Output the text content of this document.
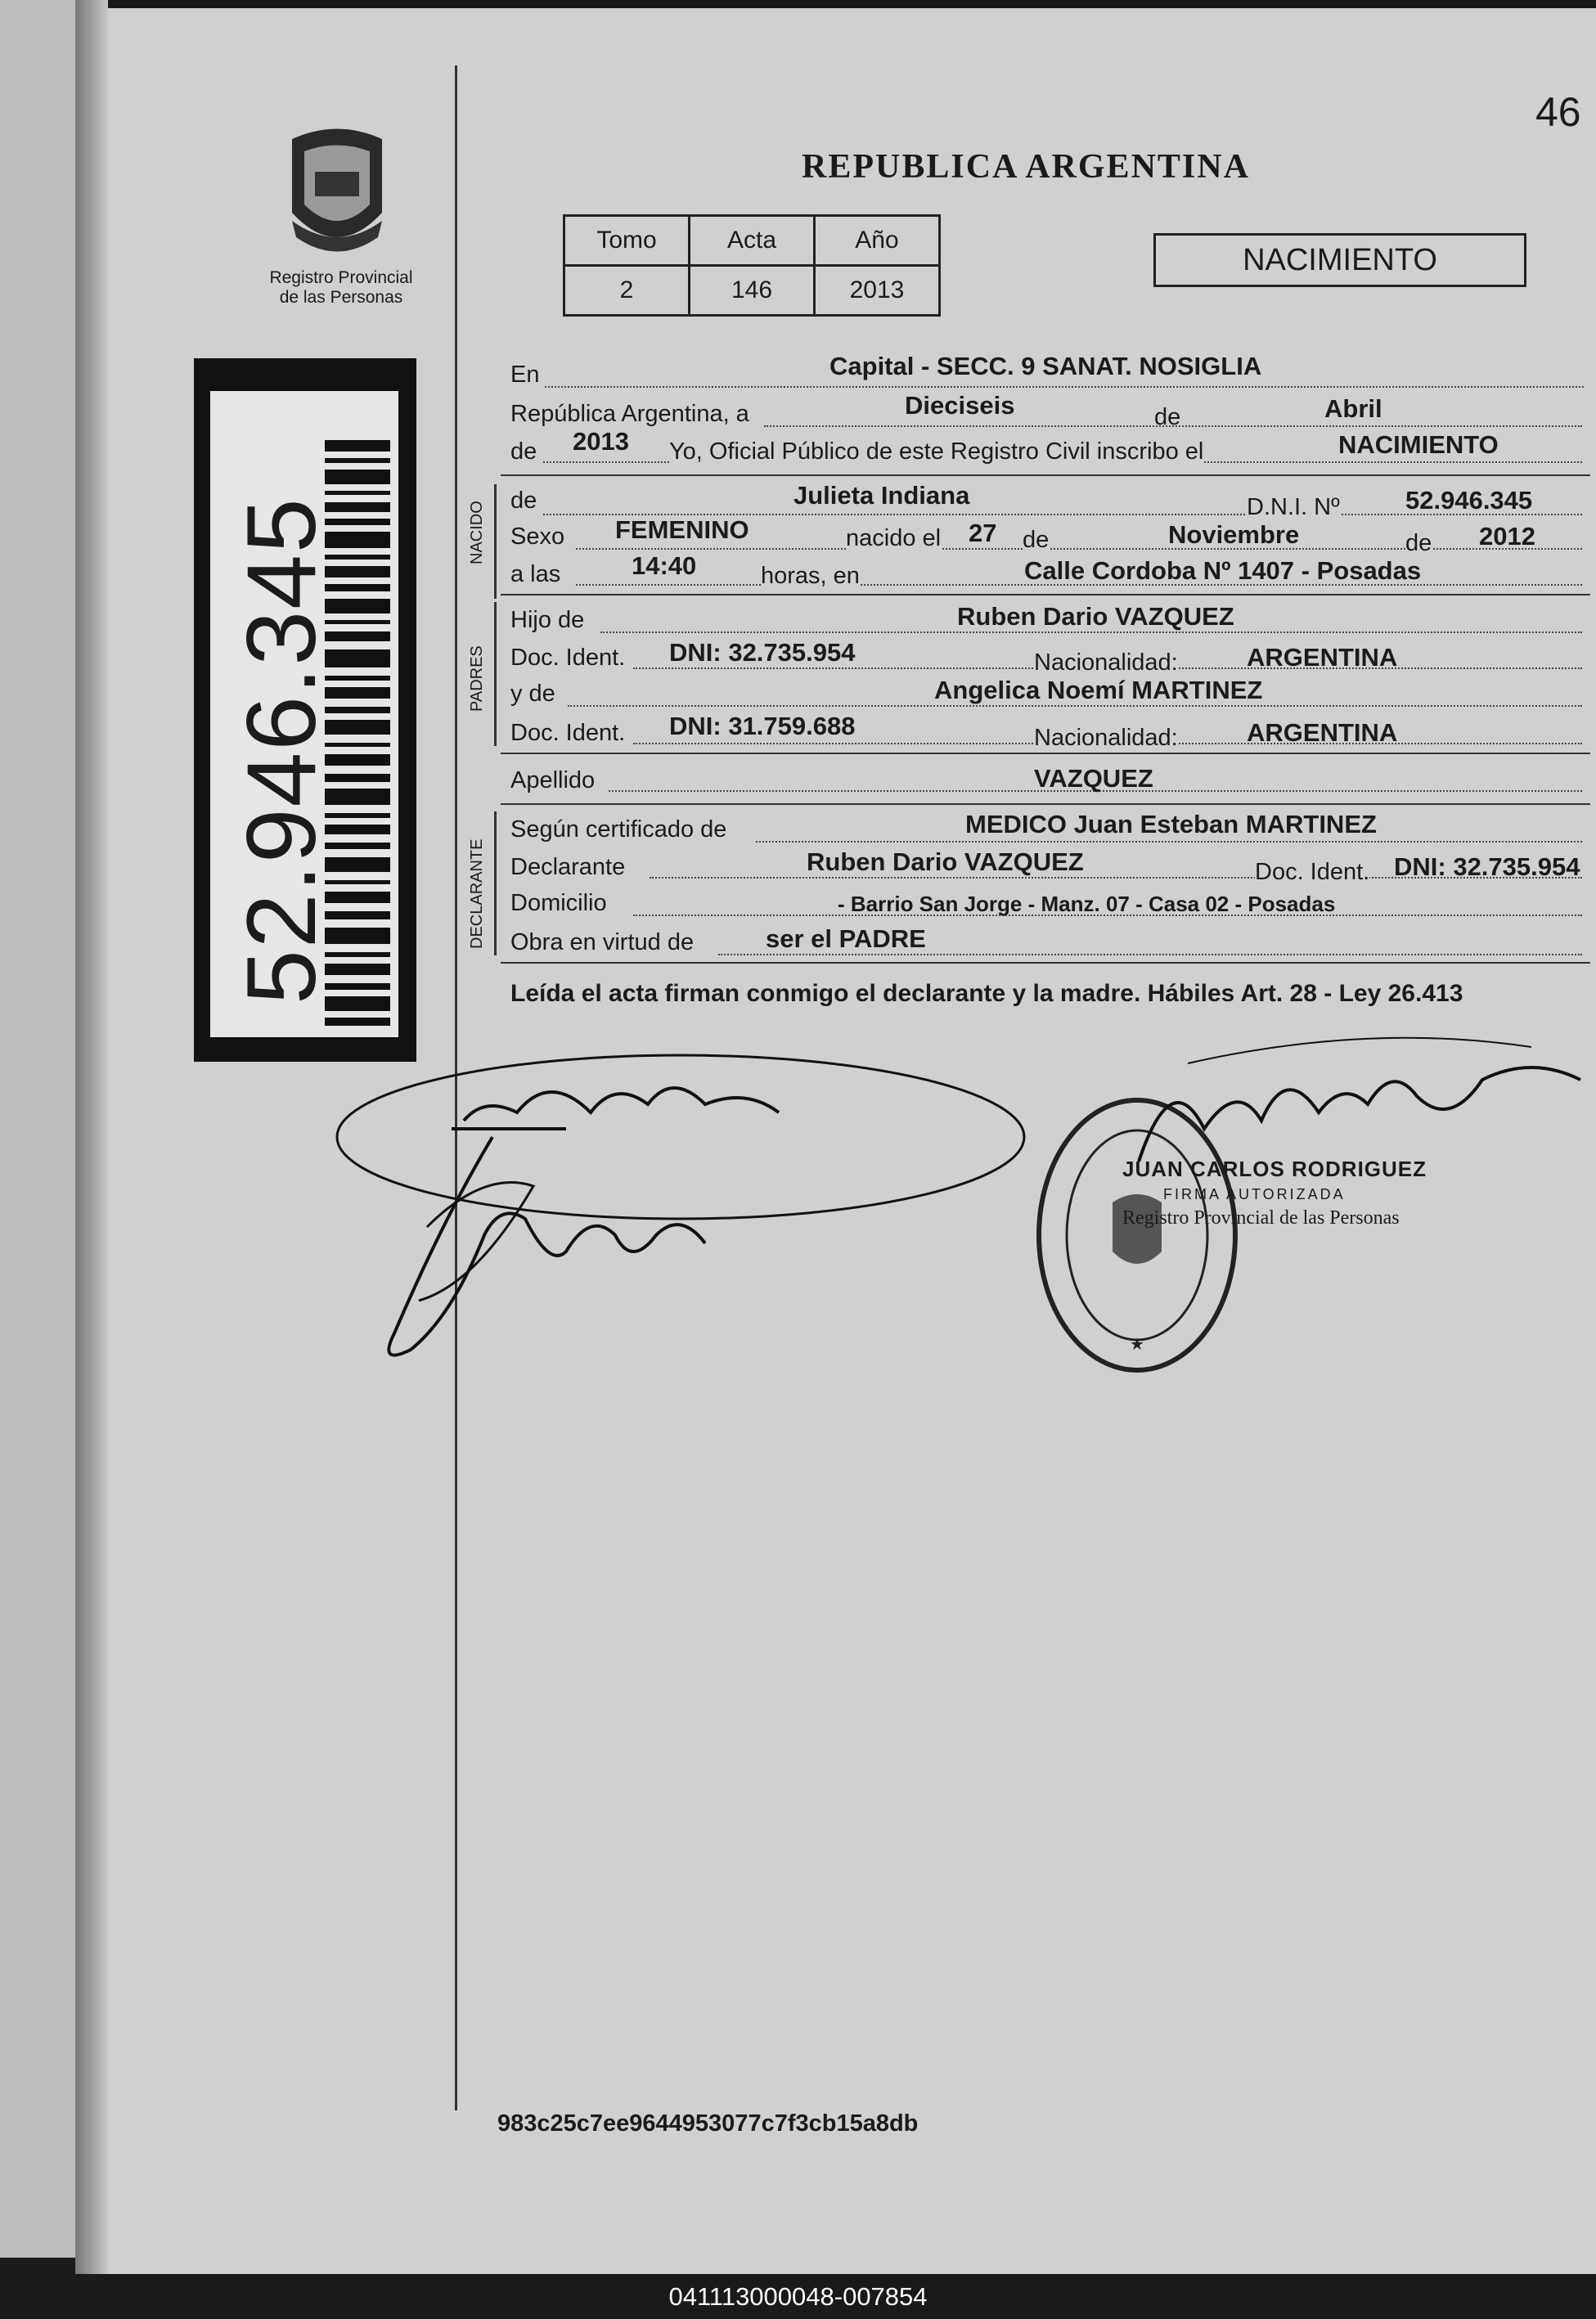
Registro Provincial
de las Personas
52.946.345
46
REPUBLICA ARGENTINA
Tomo	Acta	Año
2	146	2013
NACIMIENTO
En	Capital - SECC. 9 SANAT. NOSIGLIA
República Argentina, a	Dieciseis	de	Abril
de 2013 Yo, Oficial Público de este Registro Civil inscribo el	NACIMIENTO
NACIDO
de	Julieta Indiana	D.N.I. Nº	52.946.345
Sexo FEMENINO	nacido el 27 de	Noviembre	de 2012
a las	14:40	horas, en	Calle Cordoba Nº 1407 - Posadas
PADRES
Hijo de	Ruben Dario VAZQUEZ
Doc. Ident. DNI: 32.735.954	Nacionalidad:	ARGENTINA
y de	Angelica Noemí MARTINEZ
Doc. Ident. DNI: 31.759.688	Nacionalidad:	ARGENTINA
Apellido	VAZQUEZ
DECLARANTE
Según certificado de	MEDICO Juan Esteban MARTINEZ
Declarante	Ruben Dario VAZQUEZ	Doc. Ident. DNI: 32.735.954
Domicilio	- Barrio San Jorge - Manz. 07 - Casa 02 - Posadas
Obra en virtud de	ser el PADRE
Leída el acta firman conmigo el declarante y la madre. Hábiles Art. 28 - Ley 26.413
★
JUAN CARLOS RODRIGUEZ
FIRMA AUTORIZADA
Registro Provincial de las Personas
983c25c7ee9644953077c7f3cb15a8db
041113000048-007854
